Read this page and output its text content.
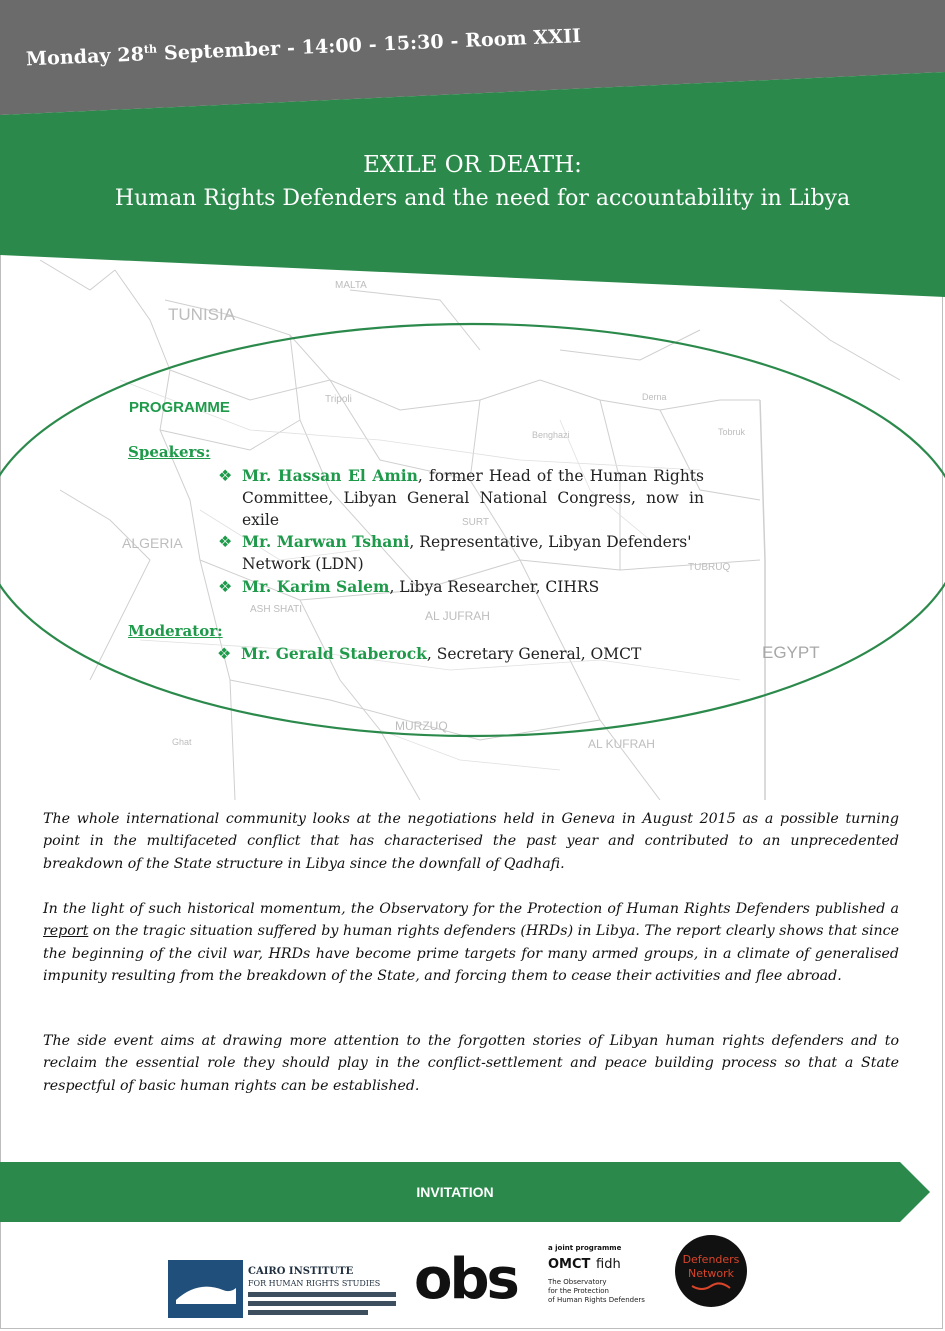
Monday 28th September - 14:00 - 15:30 - Room XXII
EXILE OR DEATH:
Human Rights Defenders and the need for accountability in Libya
TUNISIA
ALGERIA
EGYPT
MALTA
AL JUFRAH
MURZUQ
AL KUFRAH
TUBRUQ
SURT
ASH SHATI
Tripoli
Benghazi
Ghat
Derna
Tobruk
PROGRAMME
Speakers:
❖ Mr. Hassan El Amin, former Head of the Human Rights Committee, Libyan General National Congress, now in exile
❖ Mr. Marwan Tshani, Representative, Libyan Defenders' Network (LDN)
❖ Mr. Karim Salem, Libya Researcher, CIHRS
Moderator:
❖ Mr. Gerald Staberock, Secretary General, OMCT
The whole international community looks at the negotiations held in Geneva in August 2015 as a possible turning point in the multifaceted conflict that has characterised the past year and contributed to an unprecedented breakdown of the State structure in Libya since the downfall of Qadhafi.
In the light of such historical momentum, the Observatory for the Protection of Human Rights Defenders published a report on the tragic situation suffered by human rights defenders (HRDs) in Libya. The report clearly shows that since the beginning of the civil war, HRDs have become prime targets for many armed groups, in a climate of generalised impunity resulting from the breakdown of the State, and forcing them to cease their activities and flee abroad.
The side event aims at drawing more attention to the forgotten stories of Libyan human rights defenders and to reclaim the essential role they should play in the conflict-settlement and peace building process so that a State respectful of basic human rights can be established.
INVITATION
CAIRO INSTITUTE
FOR HUMAN RIGHTS STUDIES obs	a joint programme
OMCT fidh
The Observatory
for the Protection
of Human Rights Defenders
Defenders
Network
